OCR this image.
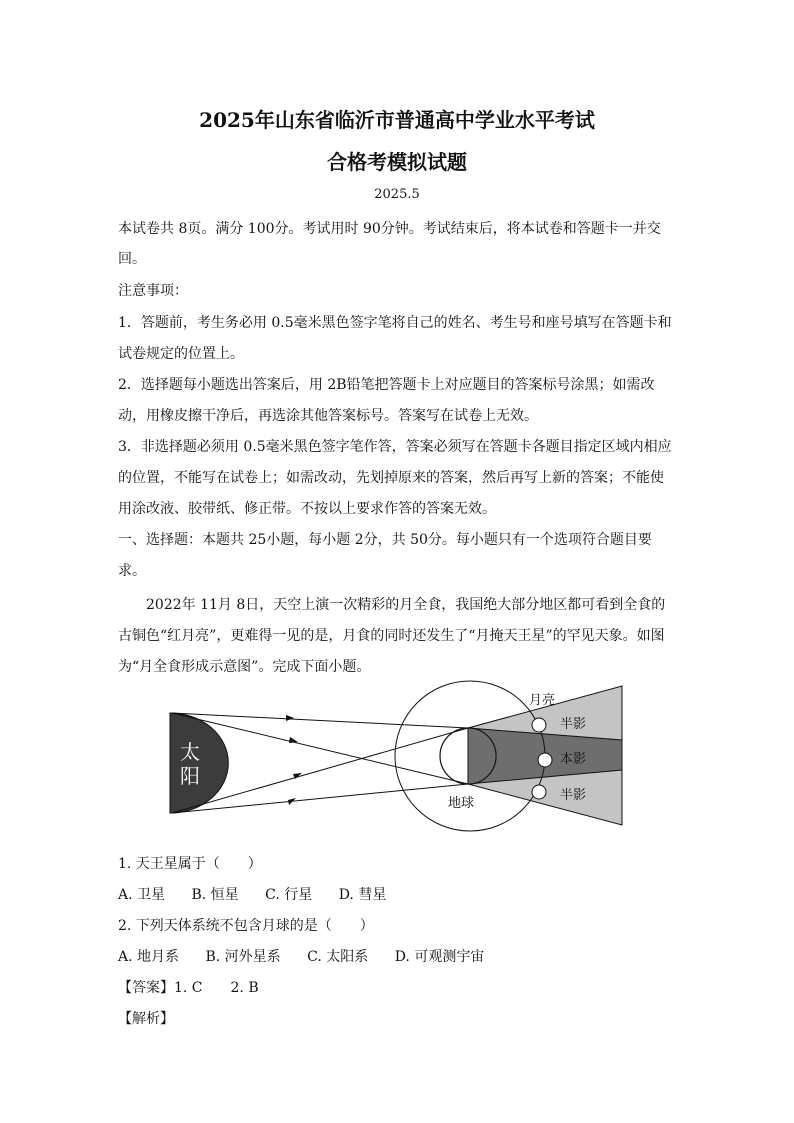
2025年山东省临沂市普通高中学业水平考试
合格考模拟试题
2025.5
本试卷共 8页。满分 100分。考试用时 90分钟。考试结束后，将本试卷和答题卡一并交
回。
注意事项：
1．答题前，考生务必用 0.5毫米黑色签字笔将自己的姓名、考生号和座号填写在答题卡和
试卷规定的位置上。
2．选择题每小题选出答案后，用 2B铅笔把答题卡上对应题目的答案标号涂黑；如需改
动，用橡皮擦干净后，再选涂其他答案标号。答案写在试卷上无效。
3．非选择题必须用 0.5毫米黑色签字笔作答，答案必须写在答题卡各题目指定区域内相应
的位置，不能写在试卷上；如需改动，先划掉原来的答案，然后再写上新的答案；不能使
用涂改液、胶带纸、修正带。不按以上要求作答的答案无效。
一、选择题：本题共 25小题，每小题 2分，共 50分。每小题只有一个选项符合题目要
求。
2022年 11月 8日，天空上演一次精彩的月全食，我国绝大部分地区都可看到全食的
古铜色“红月亮”，更难得一见的是，月食的同时还发生了“月掩天王星”的罕见天象。如图
为“月全食形成示意图”。完成下面小题。
太
阳
月亮
半影
本影
半影
地球
1. 天王星属于（　　）
A. 卫星 B. 恒星 C. 行星 D. 彗星
2. 下列天体系统不包含月球的是（　　）
A. 地月系 B. 河外星系 C. 太阳系 D. 可观测宇宙
【答案】1. C　　2. B
【解析】
